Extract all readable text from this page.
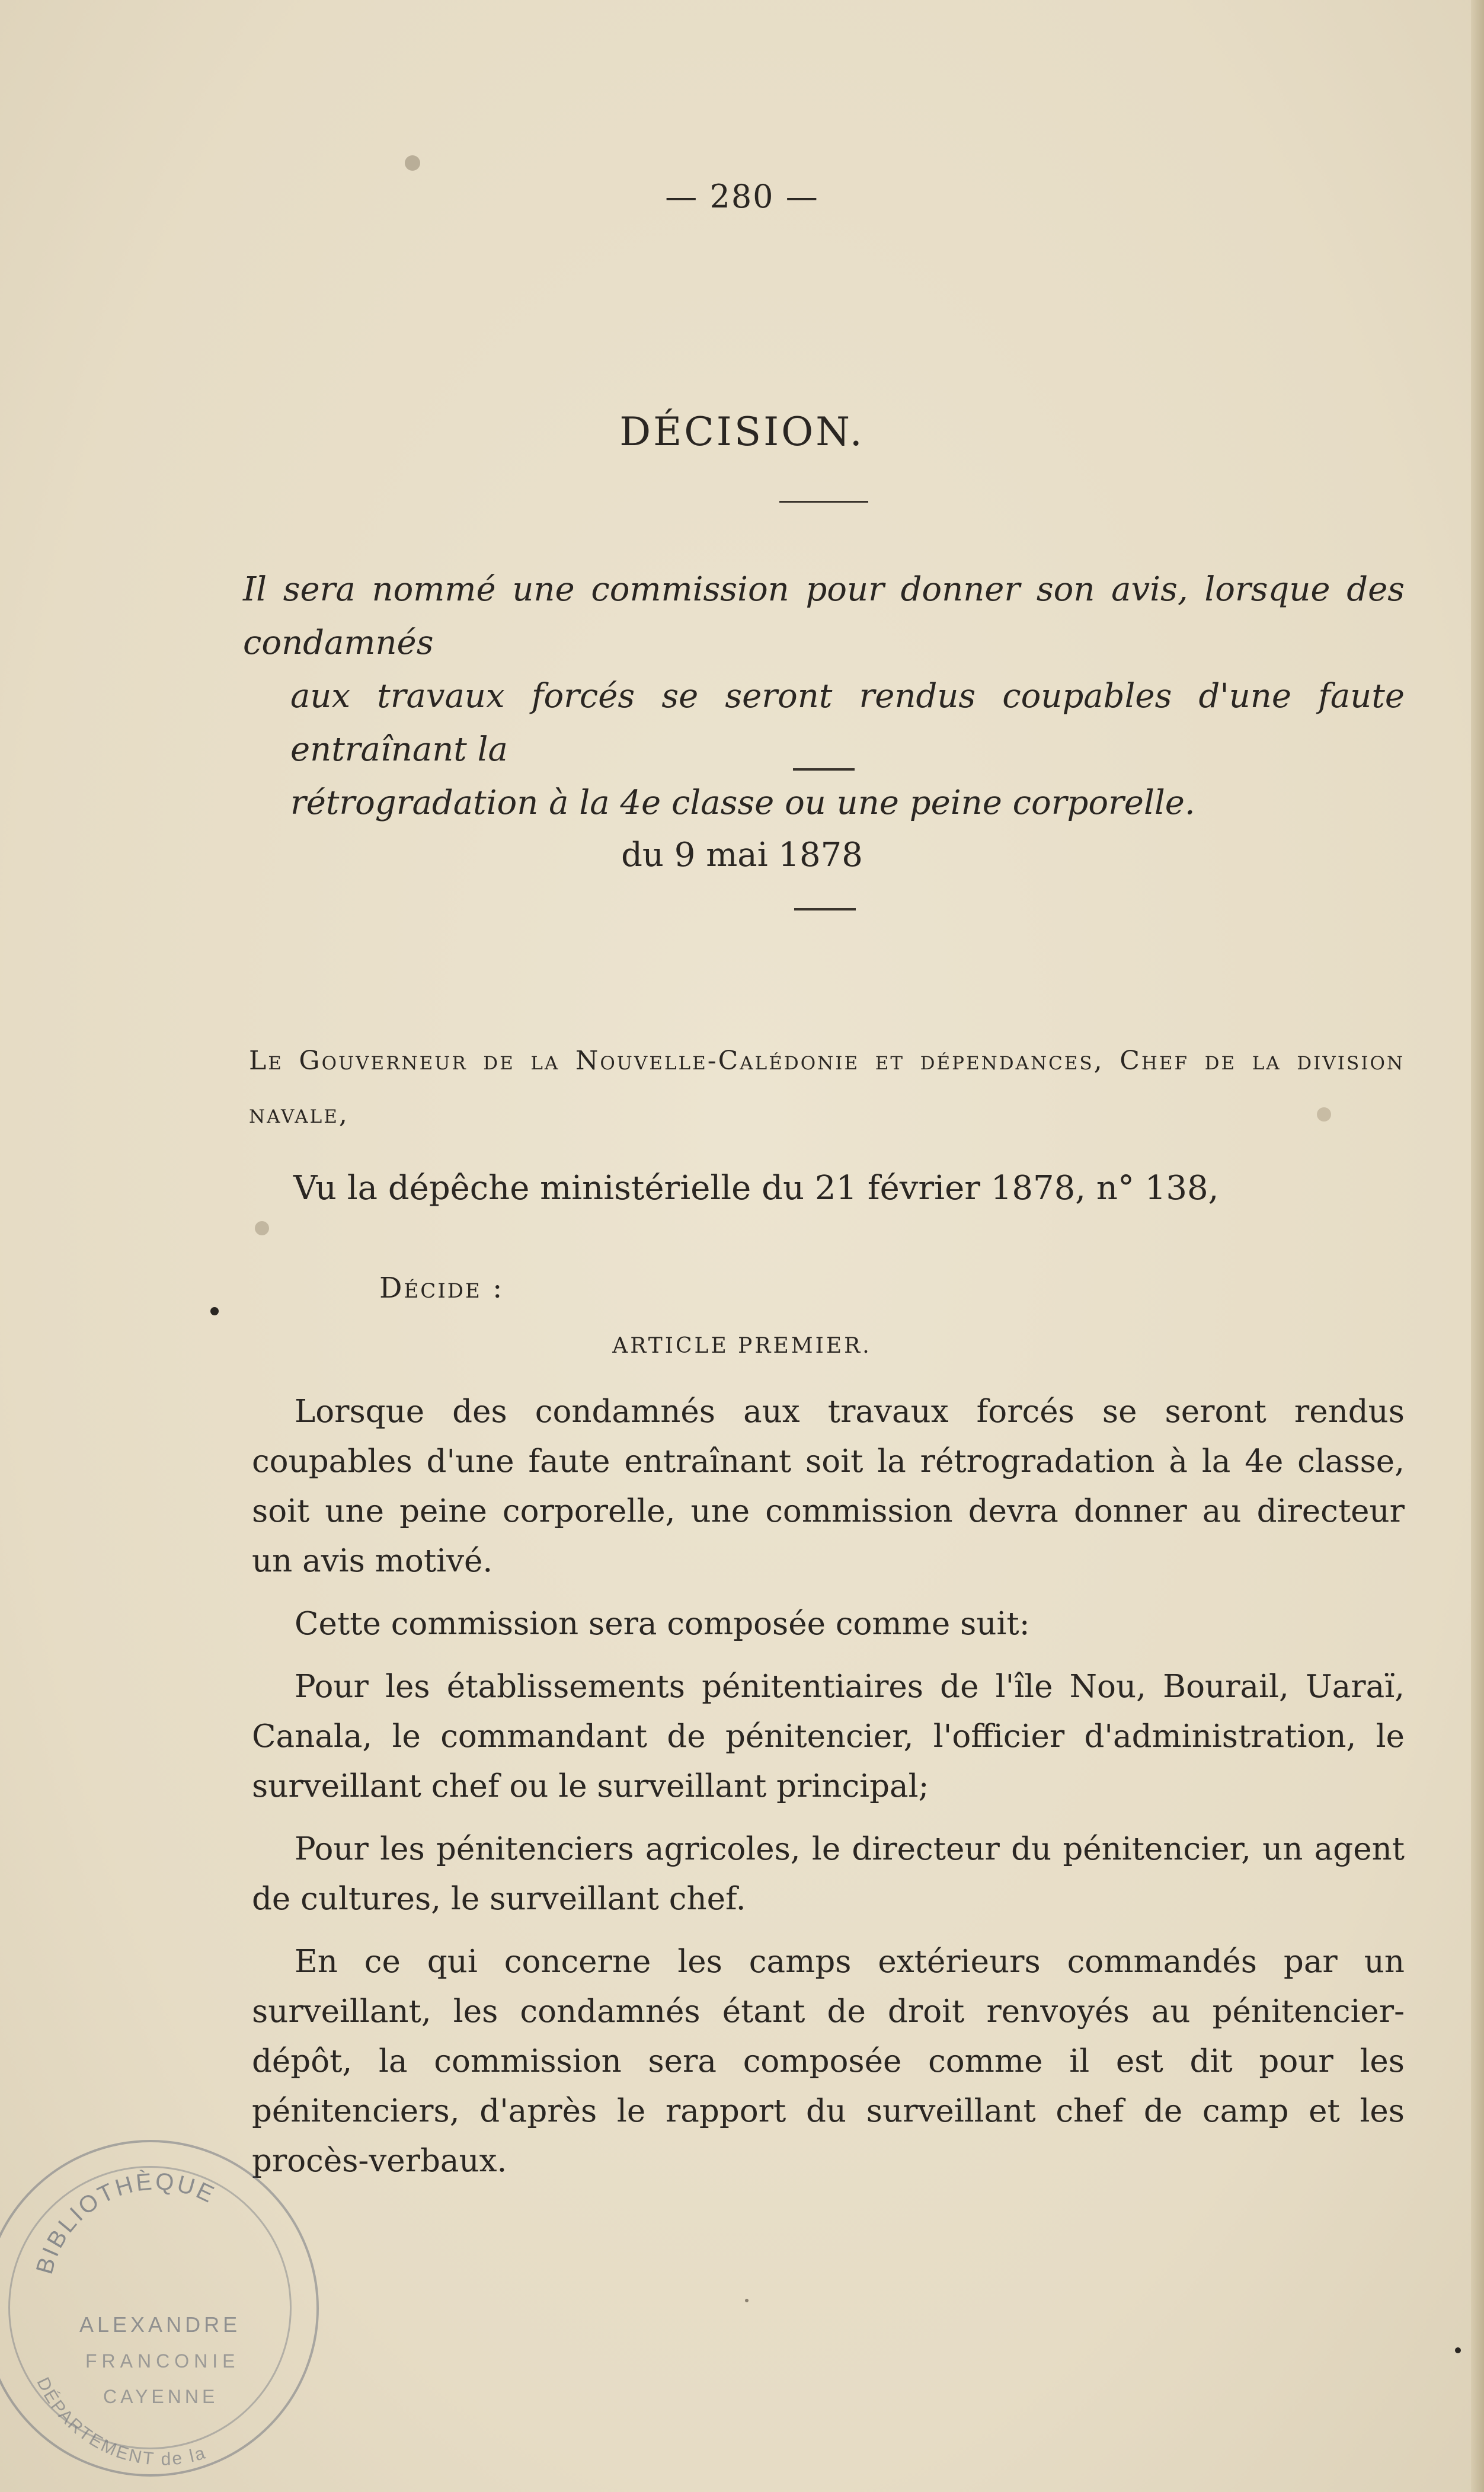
— 280 —
DÉCISION.
Il sera nommé une commission pour donner son avis, lorsque des condamnés
aux travaux forcés se seront rendus coupables d'une faute entraînant la
rétrogradation à la 4e classe ou une peine corporelle.
du 9 mai 1878
Le Gouverneur de la Nouvelle-Calédonie et dépendances, Chef de la division navale,
Vu la dépêche ministérielle du 21 février 1878, n° 138,
Décide :
ARTICLE PREMIER.

Lorsque des condamnés aux travaux forcés se seront rendus coupables d'une faute entraînant soit la rétrogradation à la 4e classe, soit une peine corporelle, une commission devra donner au directeur un avis motivé.

Cette commission sera composée comme suit:

Pour les établissements pénitentiaires de l'île Nou, Bourail, Uaraï, Canala, le commandant de pénitencier, l'officier d'administration, le surveillant chef ou le surveillant principal;

Pour les pénitenciers agricoles, le directeur du pénitencier, un agent de cultures, le surveillant chef.

En ce qui concerne les camps extérieurs commandés par un surveillant, les condamnés étant de droit renvoyés au pénitencier-dépôt, la commission sera composée comme il est dit pour les pénitenciers, d'après le rapport du surveillant chef de camp et les procès-verbaux.

BIBLIOTHÈQUE
ALEXANDRE
FRANCONIE
CAYENNE
DÉPARTEMENT de la
